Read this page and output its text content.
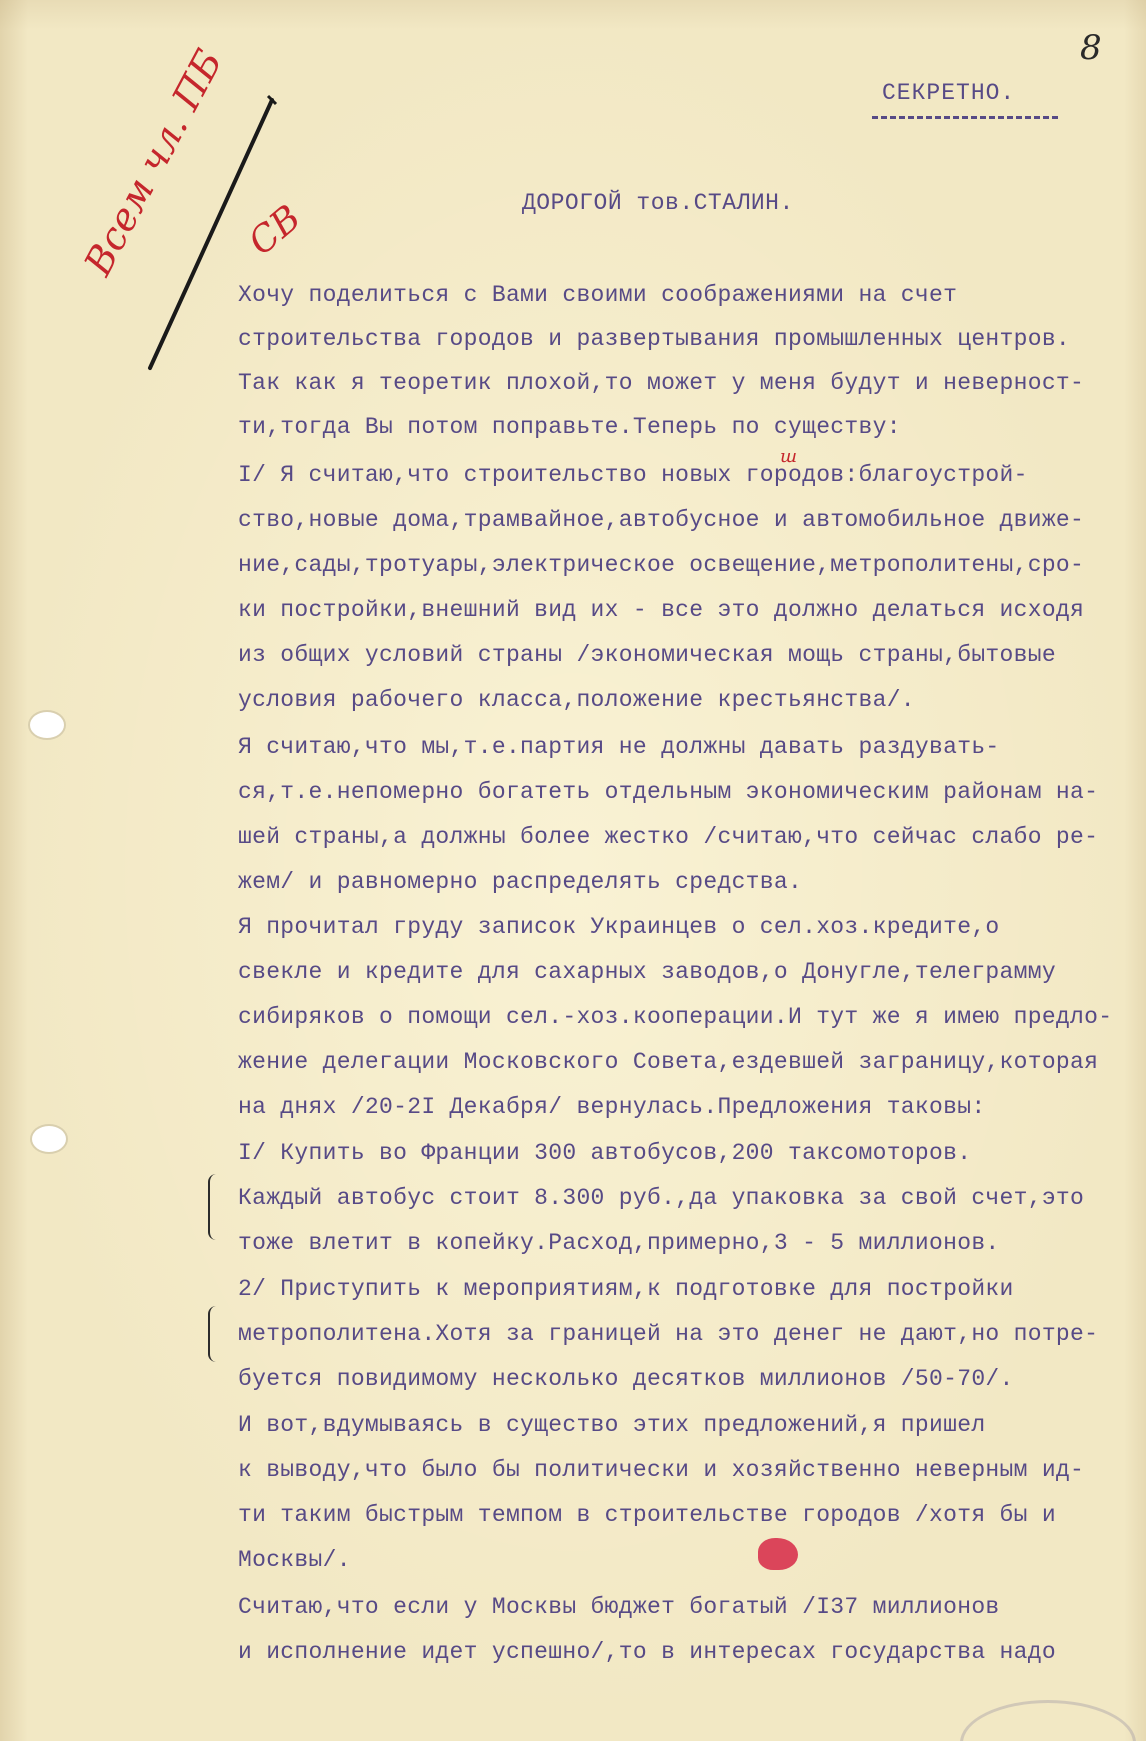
8
СЕКРЕТНО.
ДОРОГОЙ тов.СТАЛИН.
Всем чл. ПБ СВ
ш
Хочу поделиться с Вами своими соображениями на счет
строительства городов и развертывания промышленных центров.
Так как я теоретик плохой,то может у меня будут и неверност-
ти,тогда Вы потом поправьте.Теперь по существу:
I/ Я считаю,что строительство новых городов:благоустрой-
ство,новые дома,трамвайное,автобусное и автомобильное движе-
ние,сады,тротуары,электрическое освещение,метрополитены,сро-
ки постройки,внешний вид их - все это должно делаться исходя
из общих условий страны /экономическая мощь страны,бытовые
условия рабочего класса,положение крестьянства/.
Я считаю,что мы,т.е.партия не должны давать раздувать-
ся,т.е.непомерно богатеть отдельным экономическим районам на-
шей страны,а должны более жестко /считаю,что сейчас слабо ре-
жем/ и равномерно распределять средства.
Я прочитал груду записок Украинцев о сел.хоз.кредите,о
свекле и кредите для сахарных заводов,о Донугле,телеграмму
сибиряков о помощи сел.-хоз.кооперации.И тут же я имею предло-
жение делегации Московского Совета,ездевшей заграницу,которая
на днях /20-2I Декабря/ вернулась.Предложения таковы:
I/ Купить во Франции 300 автобусов,200 таксомоторов.
Каждый автобус стоит 8.300 руб.,да упаковка за свой счет,это
тоже влетит в копейку.Расход,примерно,3 - 5 миллионов.
2/ Приступить к мероприятиям,к подготовке для постройки
метрополитена.Хотя за границей на это денег не дают,но потре-
буется повидимому несколько десятков миллионов /50-70/.
И вот,вдумываясь в существо этих предложений,я пришел
к выводу,что было бы политически и хозяйственно неверным ид-
ти таким быстрым темпом в строительстве городов /хотя бы и
Москвы/.
Считаю,что если у Москвы бюджет богатый /I37 миллионов
и исполнение идет успешно/,то в интересах государства надо
